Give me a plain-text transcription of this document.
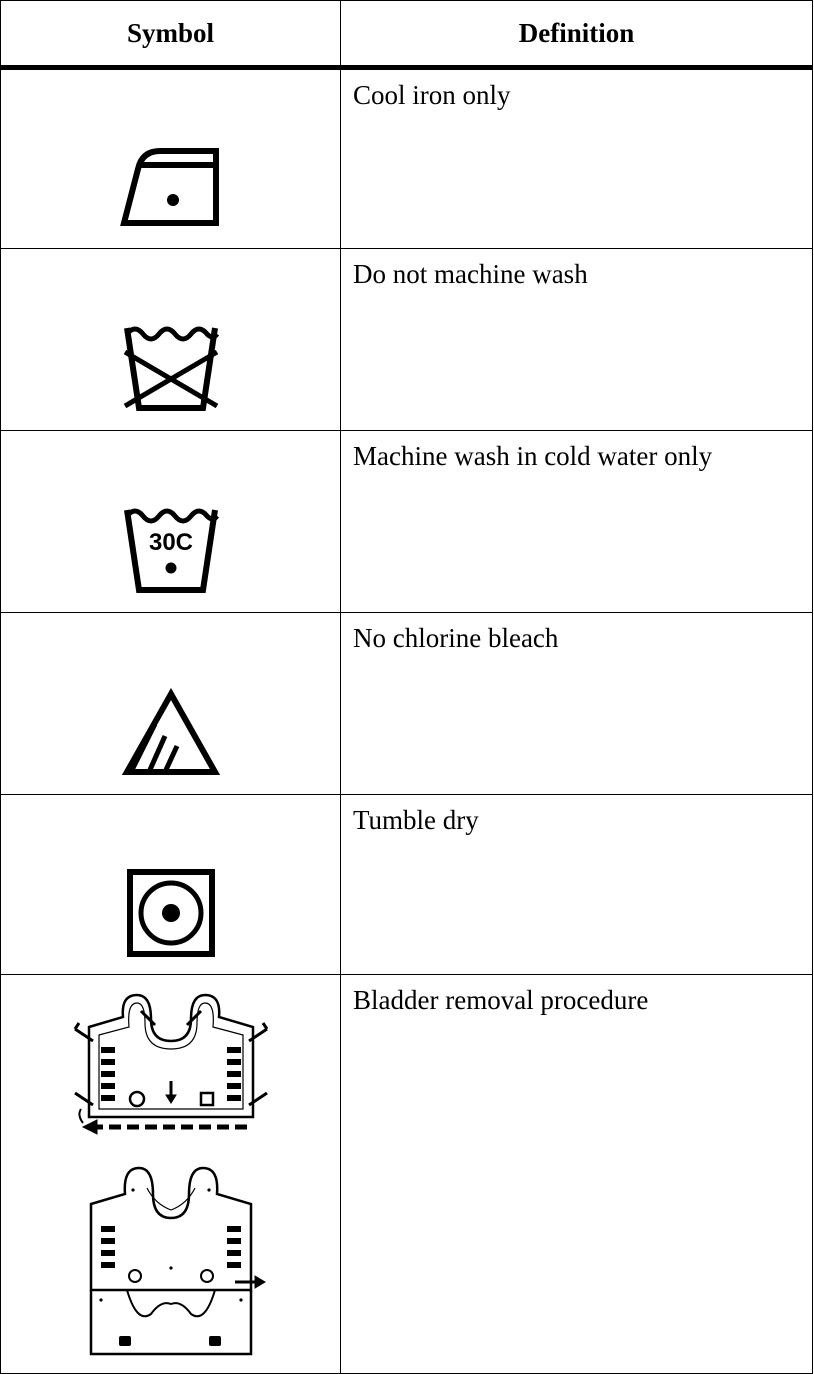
Symbol	Definition

	Cool iron only

	Do not machine wash

30C	Machine wash in cold water only

	No chlorine bleach

	Tumble dry

	Bladder removal procedure
